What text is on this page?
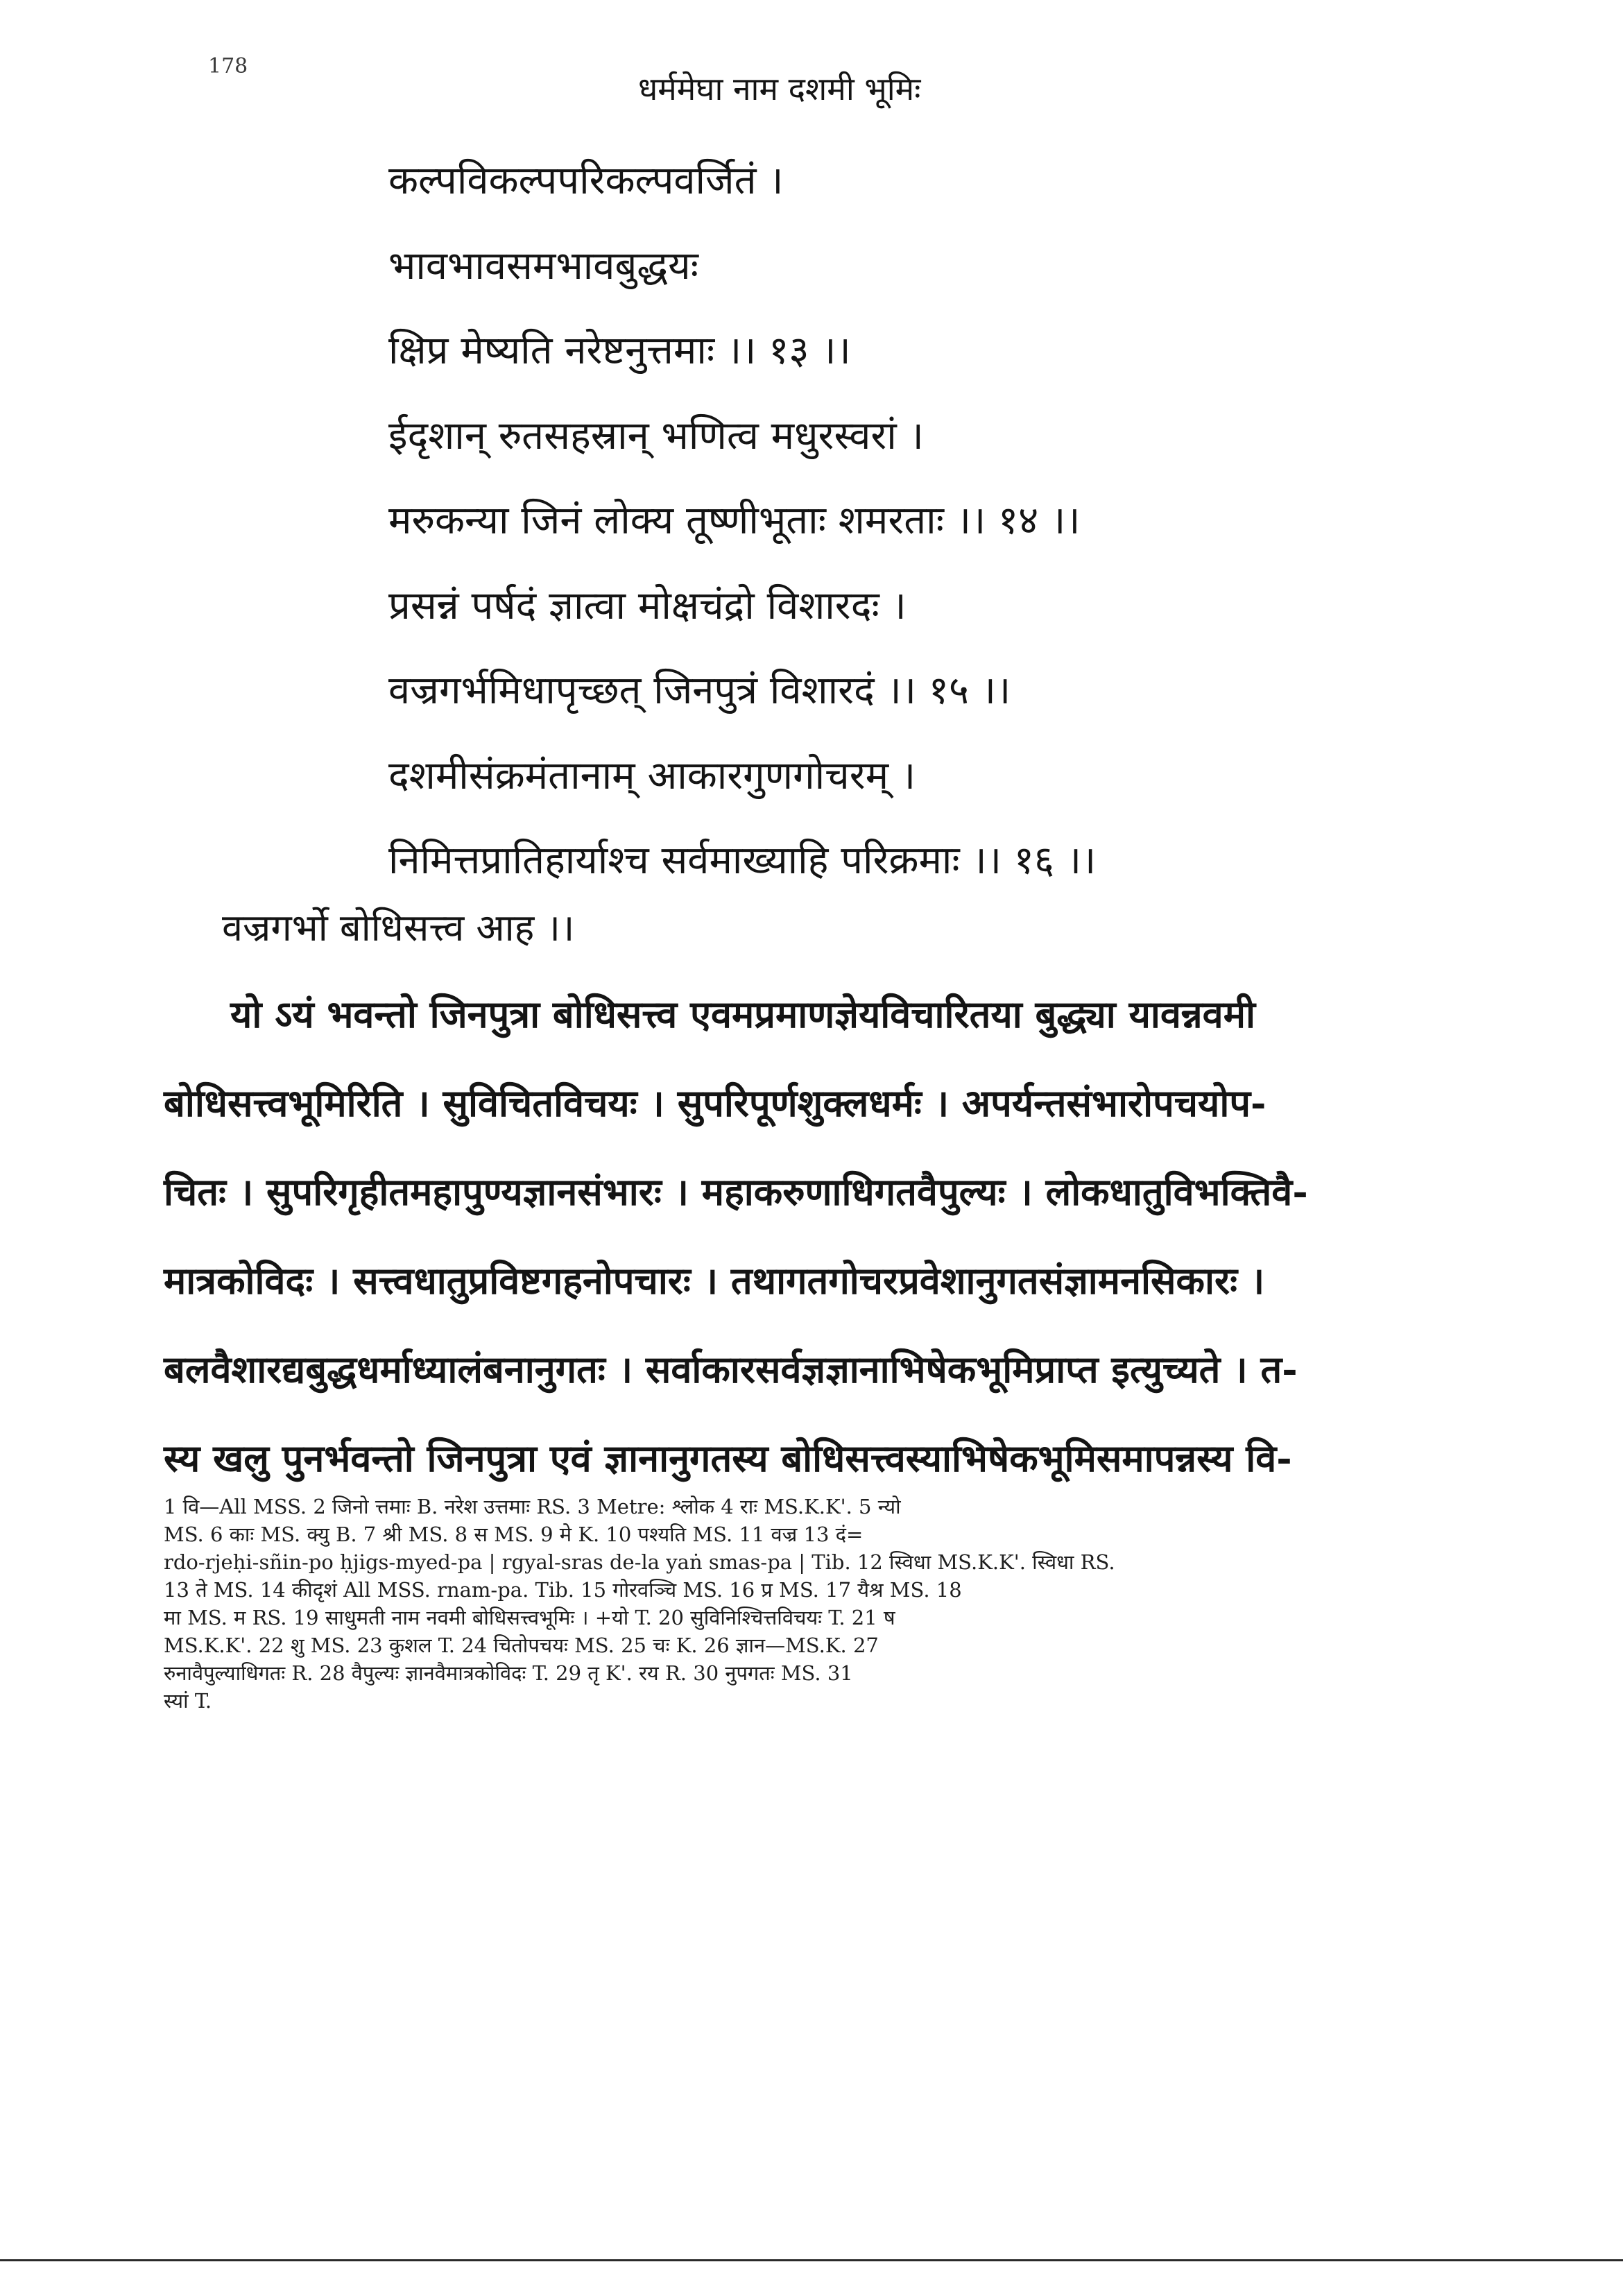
178
धर्ममेघा नाम दशमी भूमिः
कल्पविकल्पपरिकल्पवर्जितं ।
भावभावसमभावबुद्धयः
क्षिप्र मेष्यति नरेष्टनुत्तमाः ।। १३ ।।
ईदृशान् रुतसहस्रान् भणित्व मधुरस्वरां ।
मरुकन्या जिनं लोक्य तूष्णीभूताः शमरताः ।। १४ ।।
प्रसन्नं पर्षदं ज्ञात्वा मोक्षचंद्रो विशारदः ।
वज्रगर्भमिधापृच्छत् जिनपुत्रं विशारदं ।। १५ ।।
दशमीसंक्रमंतानाम् आकारगुणगोचरम् ।
निमित्तप्रातिहार्याश्च सर्वमाख्याहि परिक्रमाः ।। १६ ।।
वज्रगर्भो बोधिसत्त्व आह ।।
यो ऽयं भवन्तो जिनपुत्रा बोधिसत्त्व एवमप्रमाणज्ञेयविचारितया बुद्ध्या यावन्नवमी
बोधिसत्त्वभूमिरिति । सुविचितविचयः । सुपरिपूर्णशुक्लधर्मः । अपर्यन्तसंभारोपचयोप-
चितः । सुपरिगृहीतमहापुण्यज्ञानसंभारः । महाकरुणाधिगतवैपुल्यः । लोकधातुविभक्तिवै-
मात्रकोविदः । सत्त्वधातुप्रविष्टगहनोपचारः । तथागतगोचरप्रवेशानुगतसंज्ञामनसिकारः ।
बलवैशारद्यबुद्धधर्माध्यालंबनानुगतः । सर्वाकारसर्वज्ञज्ञानाभिषेकभूमिप्राप्त इत्युच्यते । त-
स्य खलु पुनर्भवन्तो जिनपुत्रा एवं ज्ञानानुगतस्य बोधिसत्त्वस्याभिषेकभूमिसमापन्नस्य वि-
1 वि—All MSS. 2 जिनो त्तमाः B. नरेश उत्तमाः RS. 3 Metre: श्लोक 4 राः MS.K.K'. 5 न्यो
MS. 6 काः MS. क्यु B. 7 श्री MS. 8 स MS. 9 मे K. 10 पश्यति MS. 11 वज्र 13 दं=
rdo-rjeḥi-sñin-po ḥjigs-myed-pa | rgyal-sras de-la yaṅ smas-pa | Tib. 12 स्विधा MS.K.K'. स्विधा RS.
13 ते MS. 14 कीदृशं All MSS. rnam-pa. Tib. 15 गोरवञ्चि MS. 16 प्र MS. 17 यैश्र MS. 18
मा MS. म RS. 19 साधुमती नाम नवमी बोधिसत्त्वभूमिः । +यो T. 20 सुविनिश्चित्तविचयः T. 21 ष
MS.K.K'. 22 शु MS. 23 कुशल T. 24 चितोपचयः MS. 25 चः K. 26 ज्ञान—MS.K. 27
रुनावैपुल्याधिगतः R. 28 वैपुल्यः ज्ञानवैमात्रकोविदः T. 29 तृ K'. रय R. 30 नुपगतः MS. 31
स्यां T.
